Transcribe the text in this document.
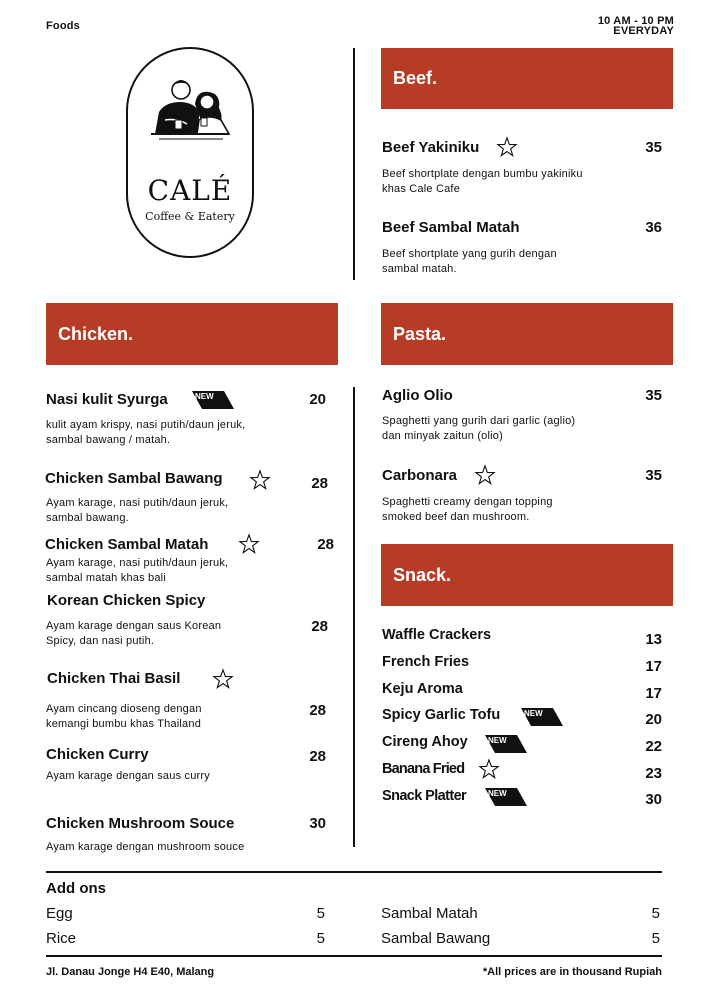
Foods	10 AM - 10 PM
EVERYDAY
CALÉ
Coffee & Eatery
Beef.
Beef Yakiniku	35
Beef shortplate dengan bumbu yakiniku
khas Cale Cafe
Beef Sambal Matah	36
Beef shortplate yang gurih dengan
sambal matah.
Chicken.
Nasi kulit Syurga	NEW	20
kulit ayam krispy, nasi putih/daun jeruk,
sambal bawang / matah.
Chicken Sambal Bawang	28
Ayam karage, nasi putih/daun jeruk,
sambal bawang.
Chicken Sambal Matah	28
Ayam karage, nasi putih/daun jeruk,
sambal matah khas bali
Korean Chicken Spicy
28
Ayam karage dengan saus Korean
Spicy, dan nasi putih.
Chicken Thai Basil
28
Ayam cincang dioseng dengan
kemangi bumbu khas Thailand
Chicken Curry	28
Ayam karage dengan saus curry
Chicken Mushroom Souce	30
Ayam karage dengan mushroom souce
Pasta.
Aglio Olio	35
Spaghetti yang gurih dari garlic (aglio)
dan minyak zaitun (olio)
Carbonara	35
Spaghetti creamy dengan topping
smoked beef dan mushroom.
Snack.
Waffle Crackers	13
French Fries	17
Keju Aroma	17
Spicy Garlic Tofu	NEW	20
Cireng Ahoy	NEW	22
Banana Fried	23
Snack Platter	NEW	30
Add ons
Egg	5
Rice	5
Sambal Matah	5
Sambal Bawang	5
Jl. Danau Jonge H4 E40, Malang	*All prices are in thousand Rupiah
